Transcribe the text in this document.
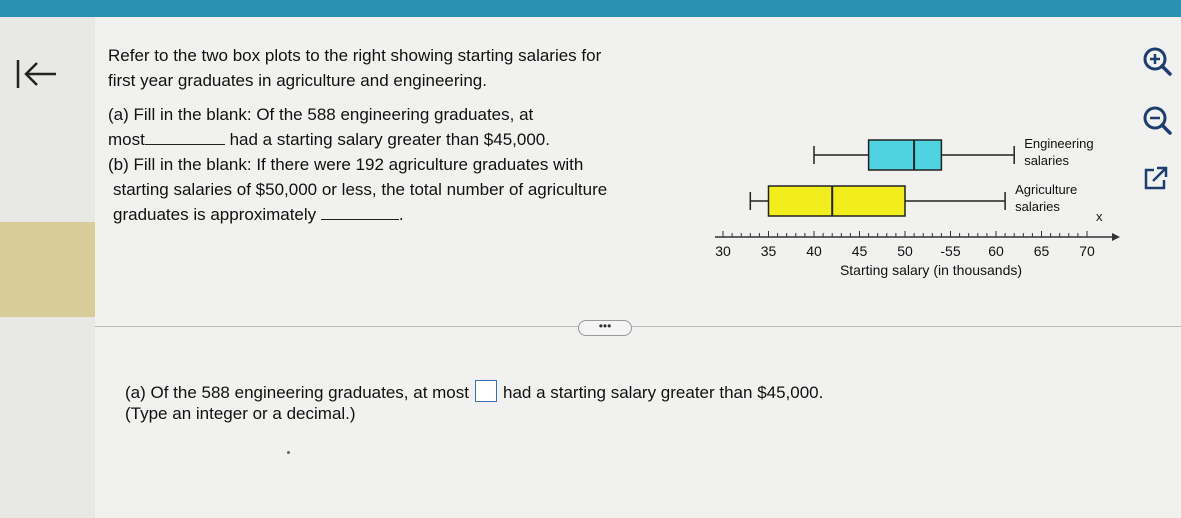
Refer to the two box plots to the right showing starting salaries for
first year graduates in agriculture and engineering.
(a) Fill in the blank: Of the 588 engineering graduates, at
most	had a starting salary greater than $45,000.
(b) Fill in the blank: If there were 192 agriculture graduates with
starting salaries of $50,000 or less, the total number of agriculture
graduates is approximately	.
30 35 40 45 50 -55 60 65 70
Starting salary (in thousands)
Engineering
salaries
Agriculture
salaries
x
•••
(a) Of the 588 engineering graduates, at most had a starting salary greater than $45,000.
(Type an integer or a decimal.)
